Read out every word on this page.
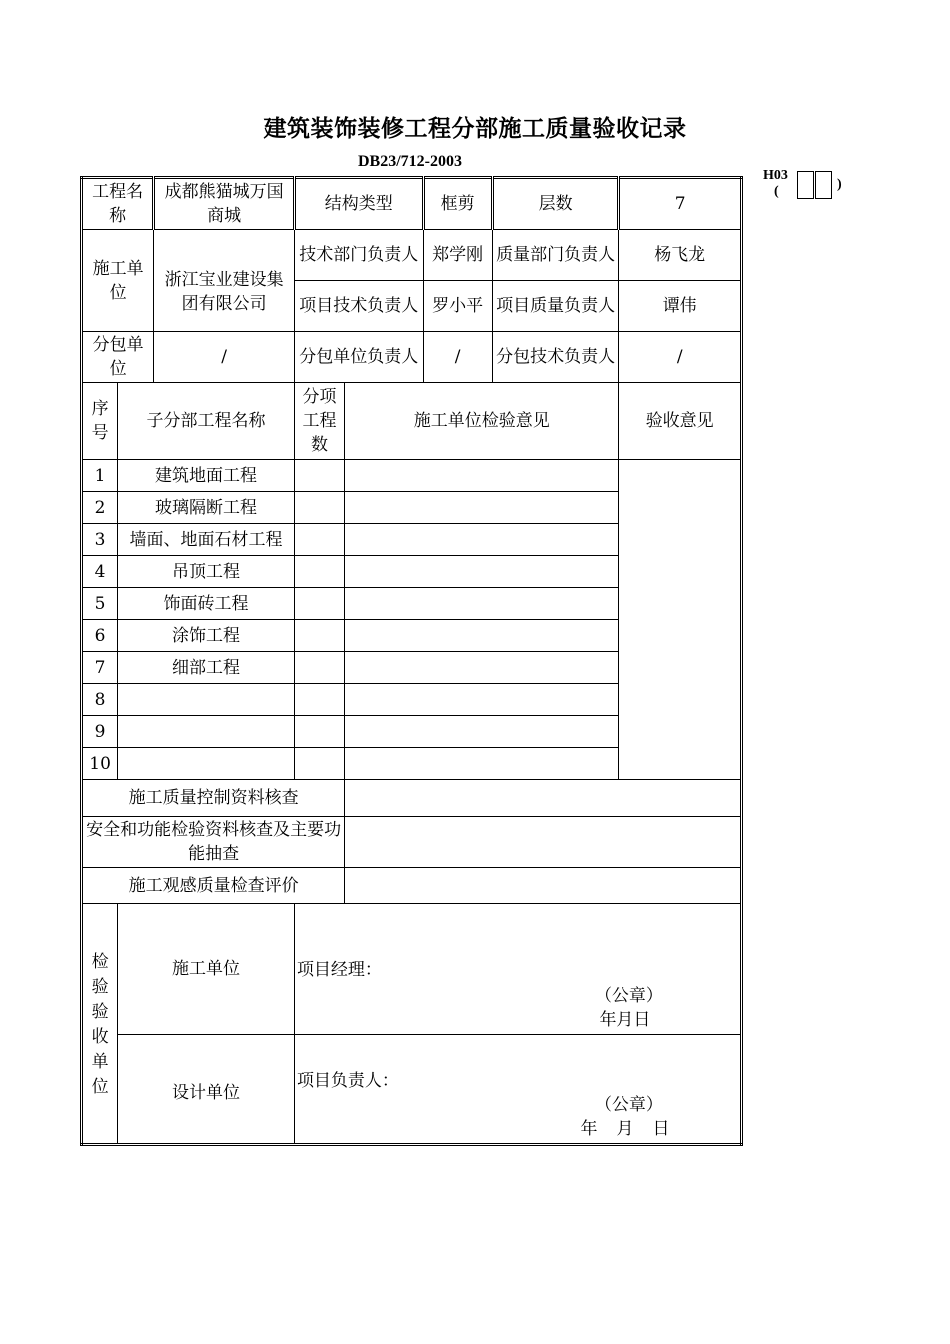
建筑装饰装修工程分部施工质量验收记录
DB23/712-2003
H03
(	)
工程名称		成都熊猫城万国商城	结构类型		框剪	层数	7
施工单位		浙江宝业建设集团有限公司	技术部门负责人		郑学刚	质量部门负责人	杨飞龙
			项目技术负责人		罗小平	项目质量负责人	谭伟
分包单位		/	分包单位负责人		/	分包技术负责人	/
序号	子分部工程名称		分项工程数	施工单位检验意见			验收意见
1	建筑地面工程						
2	玻璃隔断工程						
3	墙面、地面石材工程						
4	吊顶工程						
5	饰面砖工程						
6	涂饰工程						
7	细部工程						
8							
9							
10							
施工质量控制资料核查							
安全和功能检验资料核查及主要功能抽查							
施工观感质量检查评价							
检验验收单位	施工单位		项目经理：
（公章）
年月日				

	设计单位		项目负责人：
（公章）
年 月 日				
